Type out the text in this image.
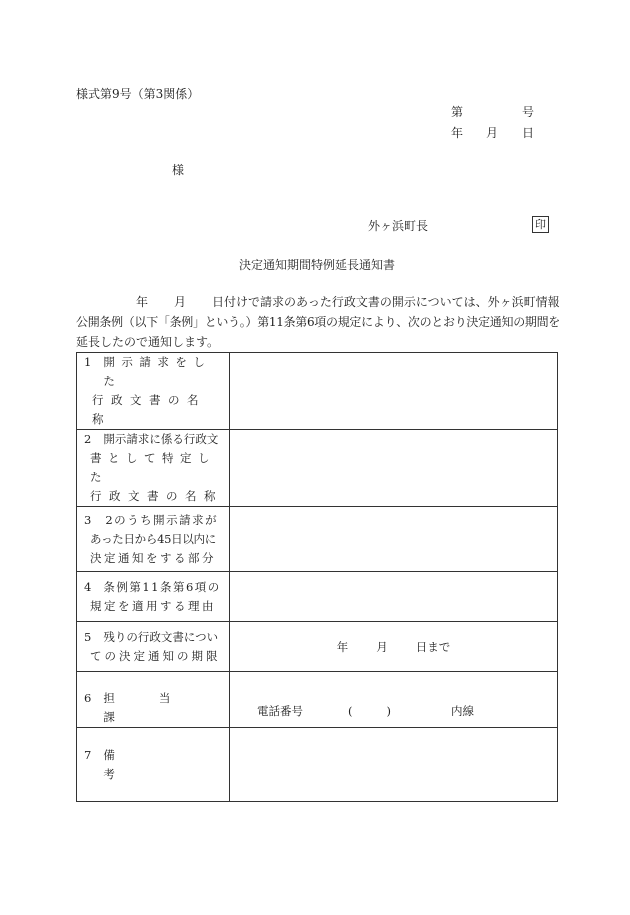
様式第9号（第3関係）
第	号
年 月 日
様
外ヶ浜町長	印
決定通知期間特例延長通知書
年 月 日付けで請求のあった行政文書の開示については、外ヶ浜町情報
公開条例（以下「条例」という。）第11条第6項の規定により、次のとおり決定通知の期間を
延長したので通知します。
1 開示請求をした
行政文書の名称	

2 開示請求に係る行政文
書として特定した
行政文書の名称	

3 2のうち開示請求が
あった日から45日以内に
決定通知をする部分	

4 条例第11条第6項の
規定を適用する理由	

5 残りの行政文書につい
ての決定通知の期限	年 月 日まで

6 担当課	電話番号 ( ) 内線

7 備考	
